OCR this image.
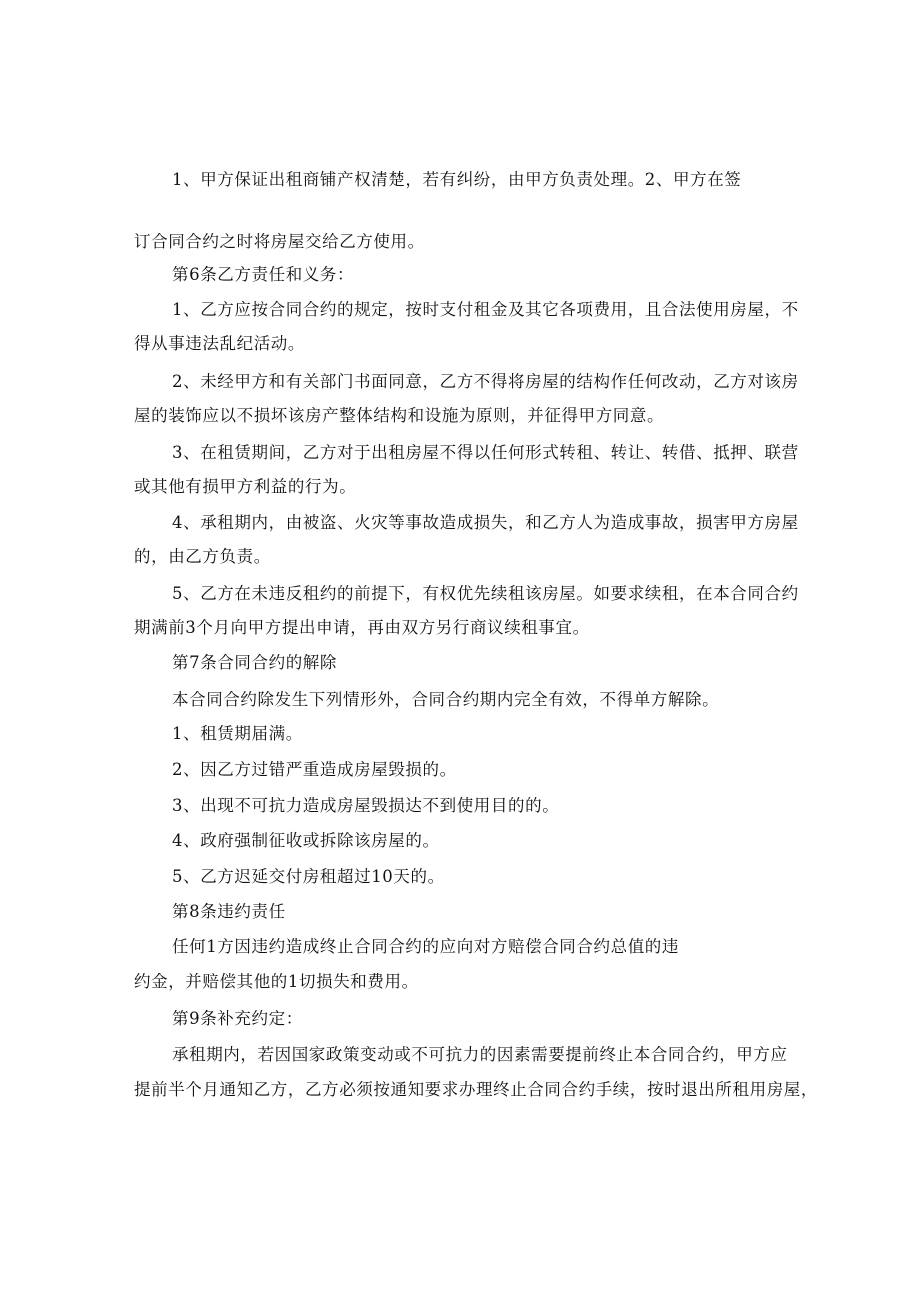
1、甲方保证出租商铺产权清楚，若有纠纷，由甲方负责处理。2、甲方在签
订合同合约之时将房屋交给乙方使用。
第6条乙方责任和义务：
1、乙方应按合同合约的规定，按时支付租金及其它各项费用，且合法使用房屋，不
得从事违法乱纪活动。
2、未经甲方和有关部门书面同意，乙方不得将房屋的结构作任何改动，乙方对该房
屋的装饰应以不损坏该房产整体结构和设施为原则，并征得甲方同意。
3、在租赁期间，乙方对于出租房屋不得以任何形式转租、转让、转借、抵押、联营
或其他有损甲方利益的行为。
4、承租期内，由被盗、火灾等事故造成损失，和乙方人为造成事故，损害甲方房屋
的，由乙方负责。
5、乙方在未违反租约的前提下，有权优先续租该房屋。如要求续租，在本合同合约
期满前3个月向甲方提出申请，再由双方另行商议续租事宜。
第7条合同合约的解除
本合同合约除发生下列情形外，合同合约期内完全有效，不得单方解除。
1、租赁期届满。
2、因乙方过错严重造成房屋毁损的。
3、出现不可抗力造成房屋毁损达不到使用目的的。
4、政府强制征收或拆除该房屋的。
5、乙方迟延交付房租超过10天的。
第8条违约责任
任何1方因违约造成终止合同合约的应向对方赔偿合同合约总值的违
约金，并赔偿其他的1切损失和费用。
第9条补充约定：
承租期内，若因国家政策变动或不可抗力的因素需要提前终止本合同合约，甲方应
提前半个月通知乙方，乙方必须按通知要求办理终止合同合约手续，按时退出所租用房屋，
